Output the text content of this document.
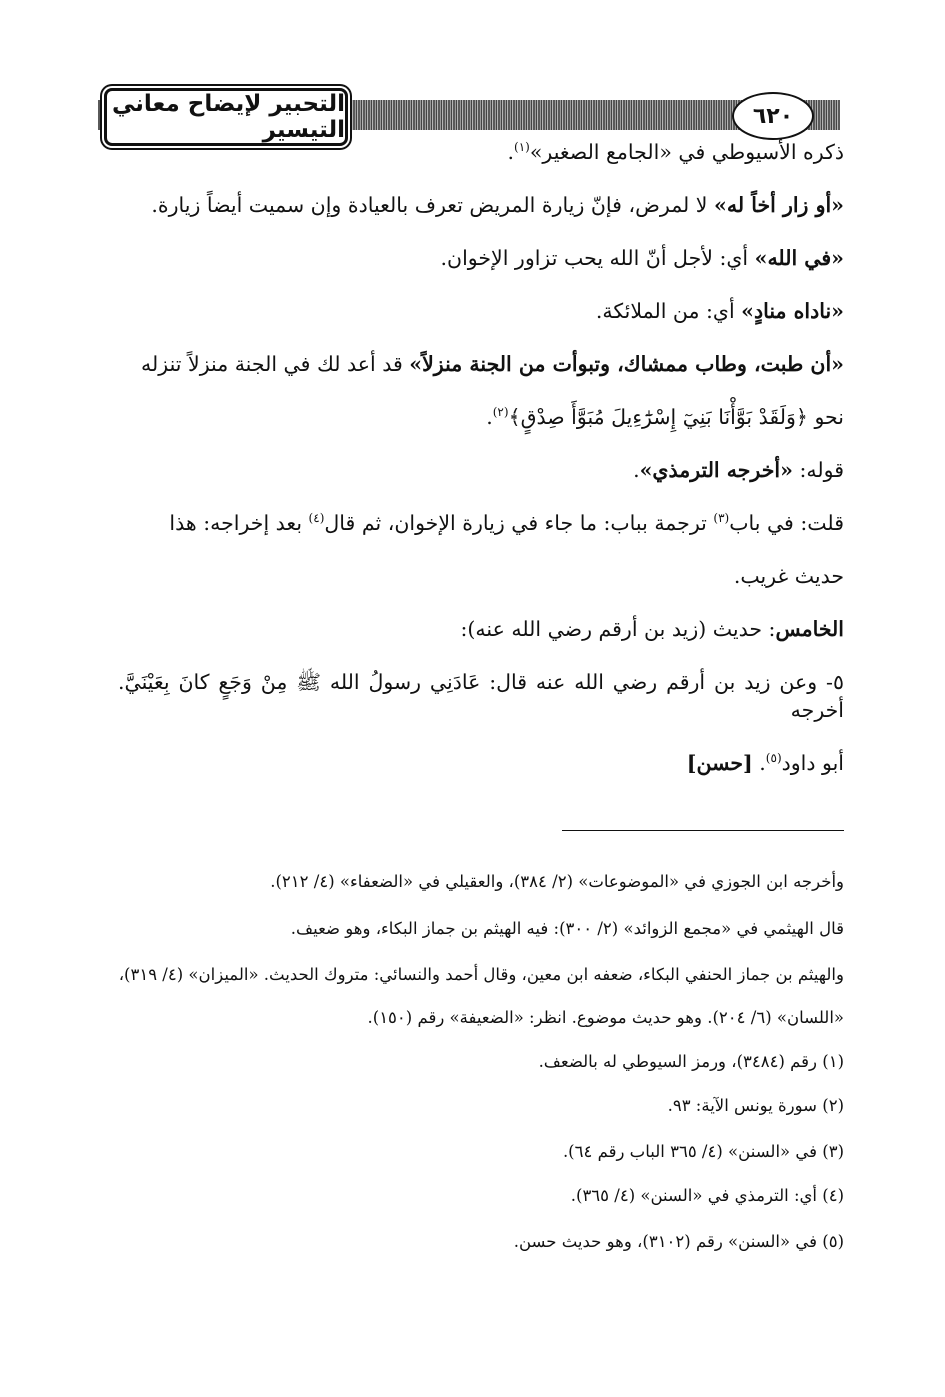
التحبير لإيضاح معاني التيسير
٦٢٠

ذكره الأسيوطي في «الجامع الصغير»$^{(١)}$.

«أو زار أخاً له» لا لمرض، فإنّ زيارة المريض تعرف بالعيادة وإن سميت أيضاً زيارة.

«في الله» أي: لأجل أنّ الله يحب تزاور الإخوان.

«ناداه منادٍ» أي: من الملائكة.

«أن طبت، وطاب ممشاك، وتبوأت من الجنة منزلاً» قد أعد لك في الجنة منزلاً تنزله

نحو ﴿وَلَقَدْ بَوَّأْنَا بَنِيٓ إِسْرَٰٓءِيلَ مُبَوَّأَ صِدْقٍ﴾$^{(٢)}$.

قوله: «أخرجه الترمذي».

قلت: في باب$^{(٣)}$ ترجمة بباب: ما جاء في زيارة الإخوان، ثم قال$^{(٤)}$ بعد إخراجه: هذا

حديث غريب.

الخامس: حديث (زيد بن أرقم رضي الله عنه):

٥- وعن زيد بن أرقم رضي الله عنه قال: عَادَنِي رسولُ الله ﷺ مِنْ وَجَعٍ كانَ بِعَيْنَيَّ. أخرجه

أبو داود$^{(٥)}$. [حسن]

وأخرجه ابن الجوزي في «الموضوعات» (٢/ ٣٨٤)، والعقيلي في «الضعفاء» (٤/ ٢١٢).

قال الهيثمي في «مجمع الزوائد» (٢/ ٣٠٠): فيه الهيثم بن جماز البكاء، وهو ضعيف.

والهيثم بن جماز الحنفي البكاء، ضعفه ابن معين، وقال أحمد والنسائي: متروك الحديث. «الميزان» (٤/ ٣١٩)،

«اللسان» (٦/ ٢٠٤). وهو حديث موضوع. انظر: «الضعيفة» رقم (١٥٠).

(١) رقم (٣٤٨٤)، ورمز السيوطي له بالضعف.

(٢) سورة يونس الآية: ٩٣.

(٣) في «السنن» (٤/ ٣٦٥ الباب رقم ٦٤).

(٤) أي: الترمذي في «السنن» (٤/ ٣٦٥).

(٥) في «السنن» رقم (٣١٠٢)، وهو حديث حسن.
